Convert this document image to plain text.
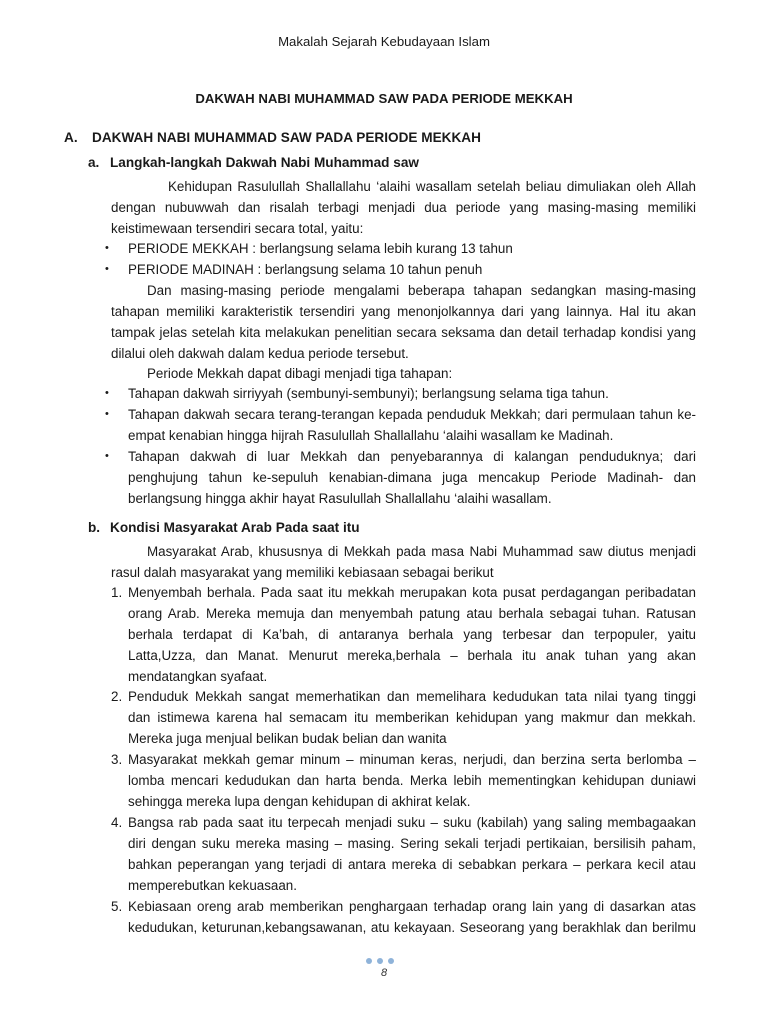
Makalah Sejarah Kebudayaan Islam
DAKWAH NABI MUHAMMAD SAW PADA PERIODE MEKKAH
A. DAKWAH NABI MUHAMMAD SAW PADA PERIODE MEKKAH
a. Langkah-langkah Dakwah Nabi Muhammad saw
Kehidupan Rasulullah Shallallahu ‘alaihi wasallam setelah beliau dimuliakan oleh Allah
dengan nubuwwah dan risalah terbagi menjadi dua periode yang masing-masing memiliki
keistimewaan tersendiri secara total, yaitu:
•	PERIODE MEKKAH : berlangsung selama lebih kurang 13 tahun
•	PERIODE MADINAH : berlangsung selama 10 tahun penuh
Dan masing-masing periode mengalami beberapa tahapan sedangkan masing-masing
tahapan memiliki karakteristik tersendiri yang menonjolkannya dari yang lainnya. Hal itu akan
tampak jelas setelah kita melakukan penelitian secara seksama dan detail terhadap kondisi yang
dilalui oleh dakwah dalam kedua periode tersebut.
Periode Mekkah dapat dibagi menjadi tiga tahapan:
•	Tahapan dakwah sirriyyah (sembunyi-sembunyi); berlangsung selama tiga tahun.
•	Tahapan dakwah secara terang-terangan kepada penduduk Mekkah; dari permulaan tahun ke-
empat kenabian hingga hijrah Rasulullah Shallallahu ‘alaihi wasallam ke Madinah.
•	Tahapan dakwah di luar Mekkah dan penyebarannya di kalangan penduduknya; dari
penghujung tahun ke-sepuluh kenabian-dimana juga mencakup Periode Madinah- dan
berlangsung hingga akhir hayat Rasulullah Shallallahu ‘alaihi wasallam.
b. Kondisi Masyarakat Arab Pada saat itu
Masyarakat Arab, khususnya di Mekkah pada masa Nabi Muhammad saw diutus menjadi
rasul dalah masyarakat yang memiliki kebiasaan sebagai berikut
1. Menyembah berhala. Pada saat itu mekkah merupakan kota pusat perdagangan peribadatan
orang Arab. Mereka memuja dan menyembah patung atau berhala sebagai tuhan. Ratusan
berhala terdapat di Ka’bah, di antaranya berhala yang terbesar dan terpopuler, yaitu
Latta,Uzza, dan Manat. Menurut mereka,berhala – berhala itu anak tuhan yang akan
mendatangkan syafaat.
2. Penduduk Mekkah sangat memerhatikan dan memelihara kedudukan tata nilai tyang tinggi
dan istimewa karena hal semacam itu memberikan kehidupan yang makmur dan mekkah.
Mereka juga menjual belikan budak belian dan wanita
3. Masyarakat mekkah gemar minum – minuman keras, nerjudi, dan berzina serta berlomba –
lomba mencari kedudukan dan harta benda. Merka lebih mementingkan kehidupan duniawi
sehingga mereka lupa dengan kehidupan di akhirat kelak.
4. Bangsa rab pada saat itu terpecah menjadi suku – suku (kabilah) yang saling membagaakan
diri dengan suku mereka masing – masing. Sering sekali terjadi pertikaian, bersilisih paham,
bahkan peperangan yang terjadi di antara mereka di sebabkan perkara – perkara kecil atau
memperebutkan kekuasaan.
5. Kebiasaan oreng arab memberikan penghargaan terhadap orang lain yang di dasarkan atas
kedudukan, keturunan,kebangsawanan, atu kekayaan. Seseorang yang berakhlak dan berilmu
8
